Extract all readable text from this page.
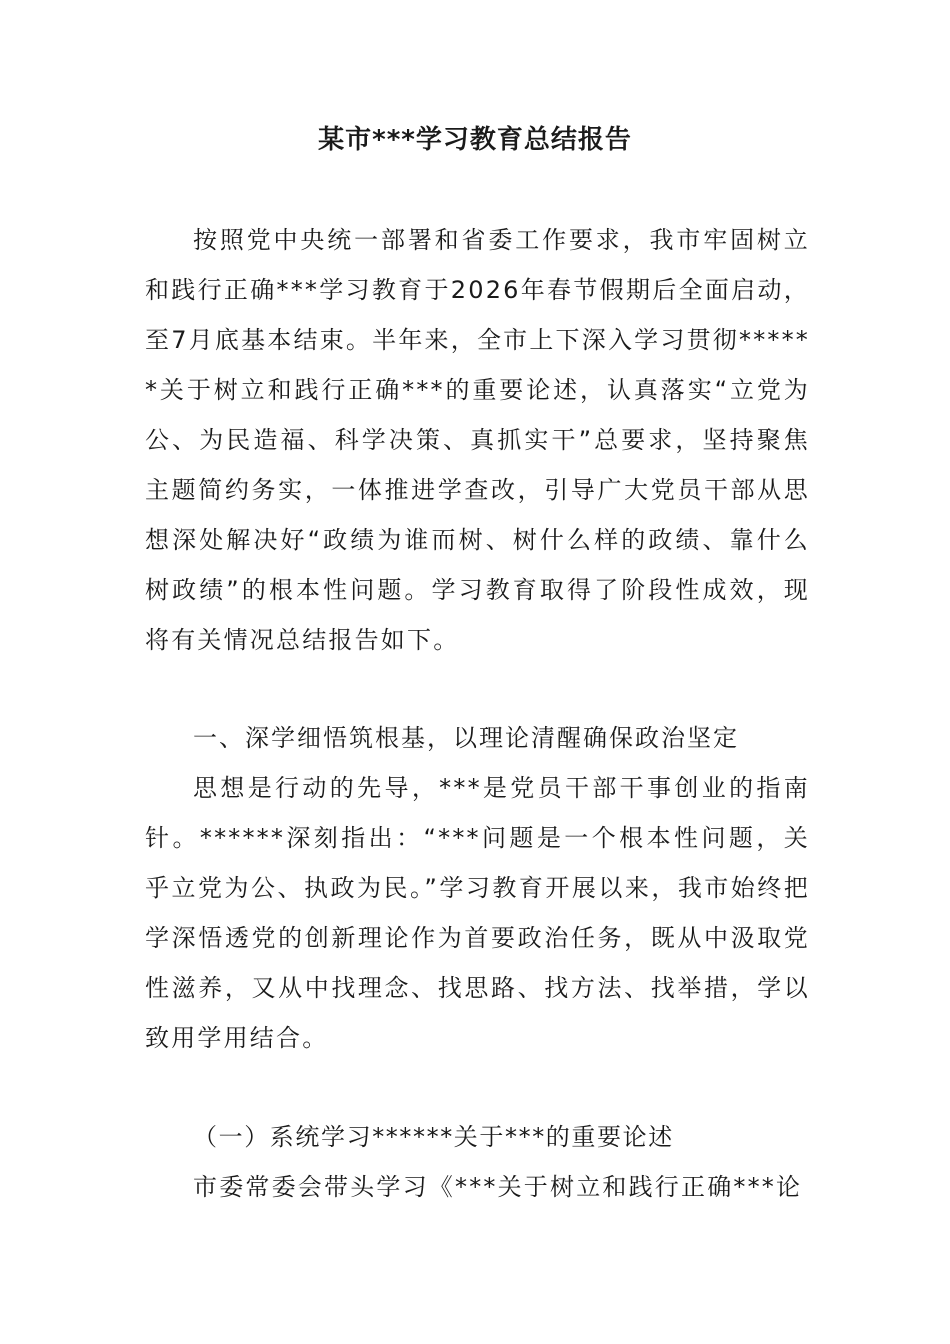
某市***学习教育总结报告

按照党中央统一部署和省委工作要求，我市牢固树立和践行正确***学习教育于2026年春节假期后全面启动，至7月底基本结束。半年来，全市上下深入学习贯彻******关于树立和践行正确***的重要论述，认真落实“立党为公、为民造福、科学决策、真抓实干”总要求，坚持聚焦主题简约务实，一体推进学查改，引导广大党员干部从思想深处解决好“政绩为谁而树、树什么样的政绩、靠什么树政绩”的根本性问题。学习教育取得了阶段性成效，现将有关情况总结报告如下。

一、深学细悟筑根基，以理论清醒确保政治坚定

思想是行动的先导，***是党员干部干事创业的指南针。******深刻指出：“***问题是一个根本性问题，关乎立党为公、执政为民。”学习教育开展以来，我市始终把学深悟透党的创新理论作为首要政治任务，既从中汲取党性滋养，又从中找理念、找思路、找方法、找举措，学以致用学用结合。

（一）系统学习******关于***的重要论述

市委常委会带头学习《***关于树立和践行正确***论
